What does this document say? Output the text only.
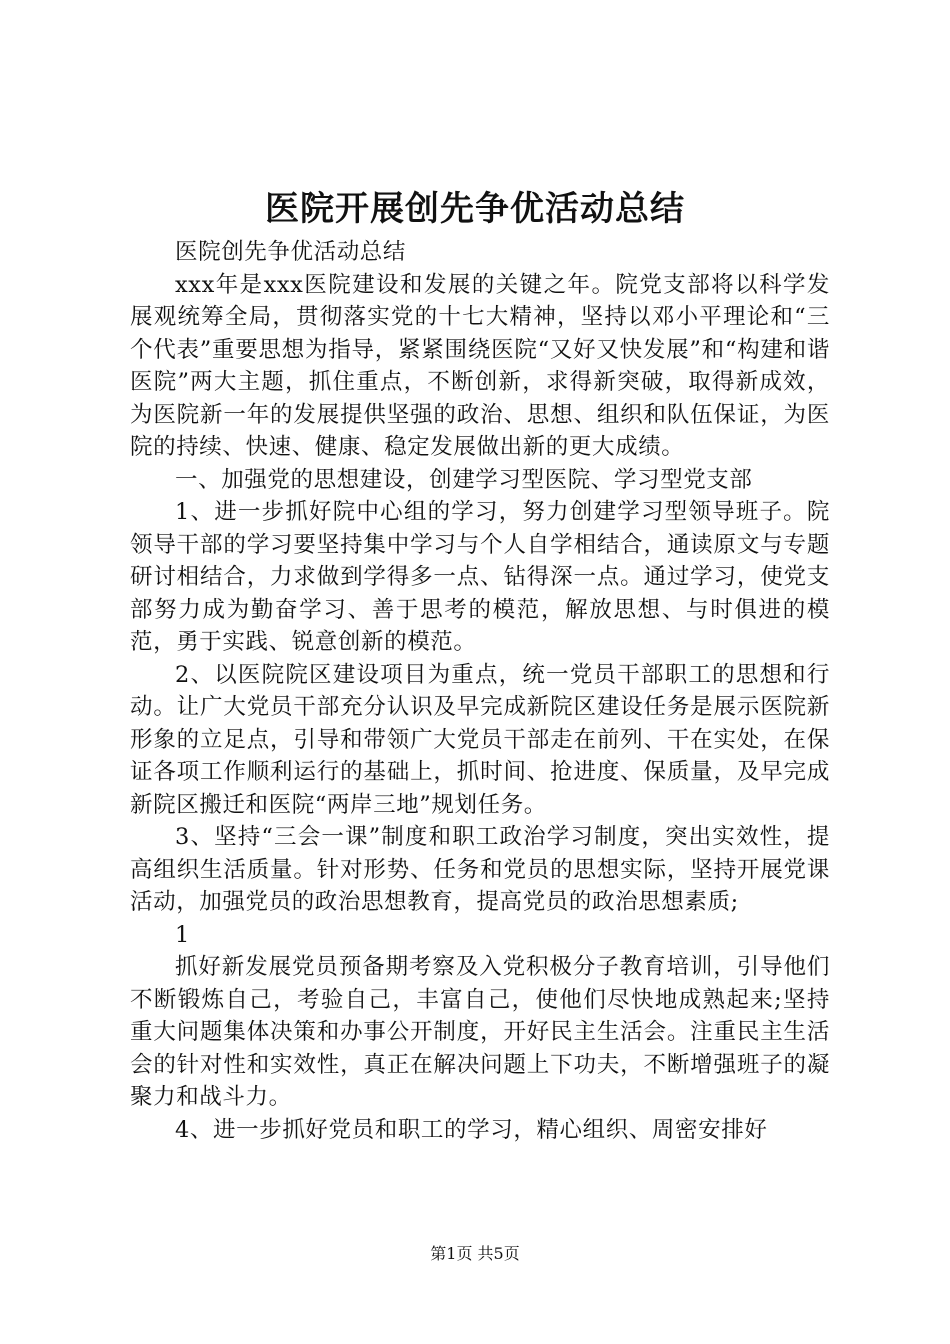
医院开展创先争优活动总结

医院创先争优活动总结

xxx年是xxx医院建设和发展的关键之年。院党支部将以科学发展观统筹全局，贯彻落实党的十七大精神，坚持以邓小平理论和“三个代表”重要思想为指导，紧紧围绕医院“又好又快发展”和“构建和谐医院”两大主题，抓住重点，不断创新，求得新突破，取得新成效，为医院新一年的发展提供坚强的政治、思想、组织和队伍保证，为医院的持续、快速、健康、稳定发展做出新的更大成绩。

一、加强党的思想建设，创建学习型医院、学习型党支部

1、进一步抓好院中心组的学习，努力创建学习型领导班子。院领导干部的学习要坚持集中学习与个人自学相结合，通读原文与专题研讨相结合，力求做到学得多一点、钻得深一点。通过学习，使党支部努力成为勤奋学习、善于思考的模范，解放思想、与时俱进的模范，勇于实践、锐意创新的模范。

2、以医院院区建设项目为重点，统一党员干部职工的思想和行动。让广大党员干部充分认识及早完成新院区建设任务是展示医院新形象的立足点，引导和带领广大党员干部走在前列、干在实处，在保证各项工作顺利运行的基础上，抓时间、抢进度、保质量，及早完成新院区搬迁和医院“两岸三地”规划任务。

3、坚持“三会一课”制度和职工政治学习制度，突出实效性，提高组织生活质量。针对形势、任务和党员的思想实际，坚持开展党课活动，加强党员的政治思想教育，提高党员的政治思想素质;

1

抓好新发展党员预备期考察及入党积极分子教育培训，引导他们不断锻炼自己，考验自己，丰富自己，使他们尽快地成熟起来;坚持重大问题集体决策和办事公开制度，开好民主生活会。注重民主生活会的针对性和实效性，真正在解决问题上下功夫，不断增强班子的凝聚力和战斗力。

4、进一步抓好党员和职工的学习，精心组织、周密安排好

第1页 共5页
